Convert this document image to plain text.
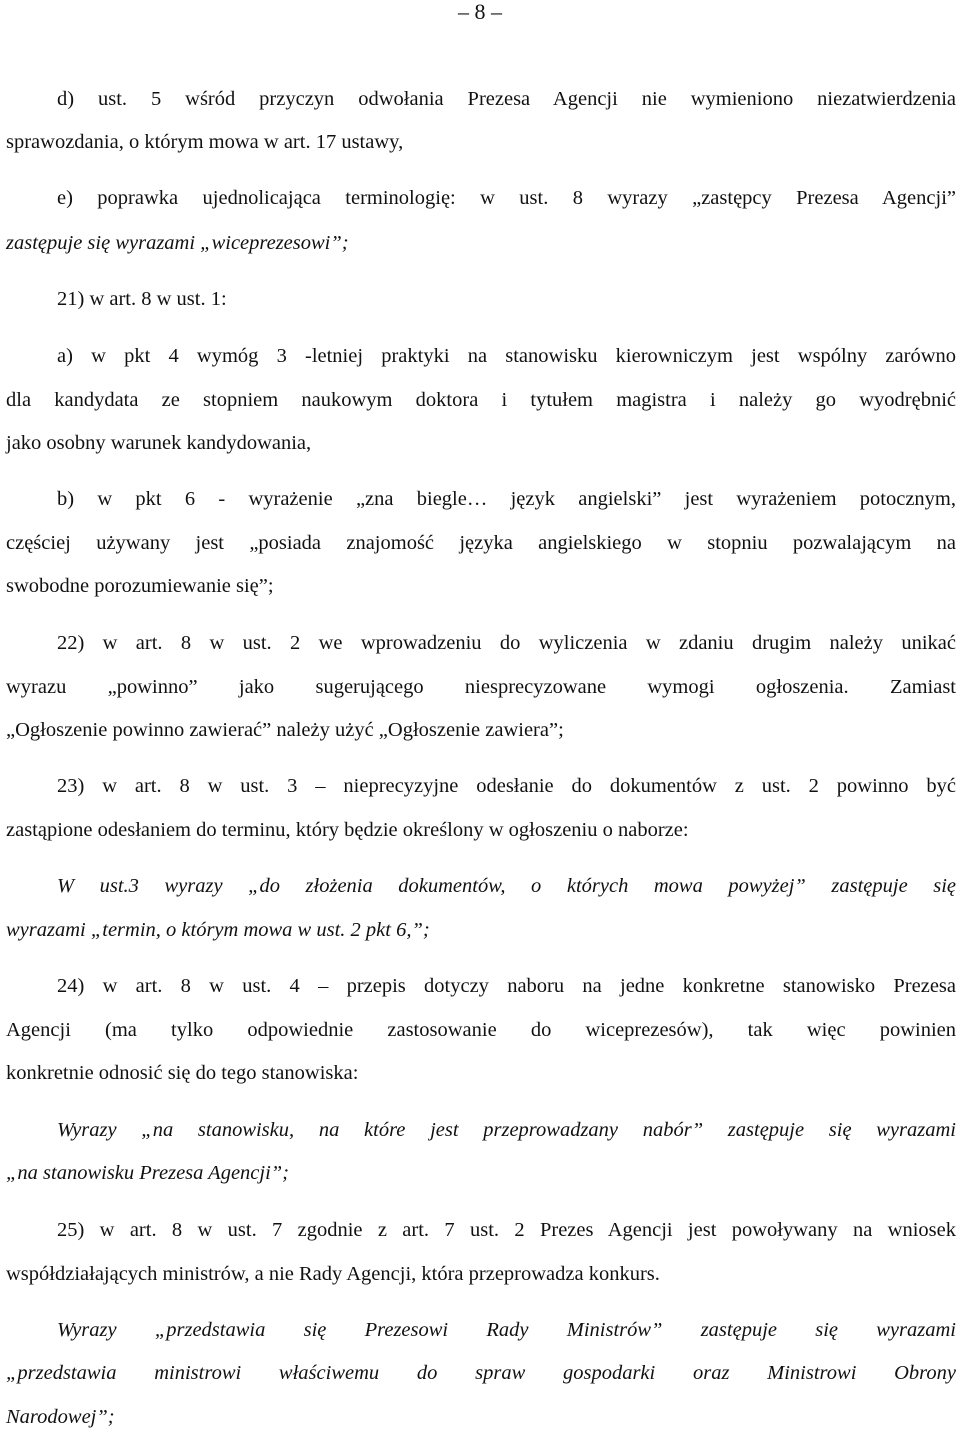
– 8 –
d) ust. 5 wśród przyczyn odwołania Prezesa Agencji nie wymieniono niezatwierdzenia
sprawozdania, o którym mowa w art. 17 ustawy,
e) poprawka ujednolicająca terminologię: w ust. 8 wyrazy „zastępcy Prezesa Agencji”
zastępuje się wyrazami „wiceprezesowi”;
21) w art. 8 w ust. 1:
a) w pkt 4 wymóg 3 -letniej praktyki na stanowisku kierowniczym jest wspólny zarówno
dla kandydata ze stopniem naukowym doktora i tytułem magistra i należy go wyodrębnić
jako osobny warunek kandydowania,
b) w pkt 6 - wyrażenie „zna biegle… język angielski” jest wyrażeniem potocznym,
częściej używany jest „posiada znajomość języka angielskiego w stopniu pozwalającym na
swobodne porozumiewanie się”;
22) w art. 8 w ust. 2 we wprowadzeniu do wyliczenia w zdaniu drugim należy unikać
wyrazu „powinno” jako sugerującego niesprecyzowane wymogi ogłoszenia. Zamiast
„Ogłoszenie powinno zawierać” należy użyć „Ogłoszenie zawiera”;
23) w art. 8 w ust. 3 – nieprecyzyjne odesłanie do dokumentów z ust. 2 powinno być
zastąpione odesłaniem do terminu, który będzie określony w ogłoszeniu o naborze:
W ust.3 wyrazy „do złożenia dokumentów, o których mowa powyżej” zastępuje się
wyrazami „termin, o którym mowa w ust. 2 pkt 6,”;
24) w art. 8 w ust. 4 – przepis dotyczy naboru na jedne konkretne stanowisko Prezesa
Agencji (ma tylko odpowiednie zastosowanie do wiceprezesów), tak więc powinien
konkretnie odnosić się do tego stanowiska:
Wyrazy „na stanowisku, na które jest przeprowadzany nabór” zastępuje się wyrazami
„na stanowisku Prezesa Agencji”;
25) w art. 8 w ust. 7 zgodnie z art. 7 ust. 2 Prezes Agencji jest powoływany na wniosek
współdziałających ministrów, a nie Rady Agencji, która przeprowadza konkurs.
Wyrazy „przedstawia się Prezesowi Rady Ministrów” zastępuje się wyrazami
„przedstawia ministrowi właściwemu do spraw gospodarki oraz Ministrowi Obrony
Narodowej”;
